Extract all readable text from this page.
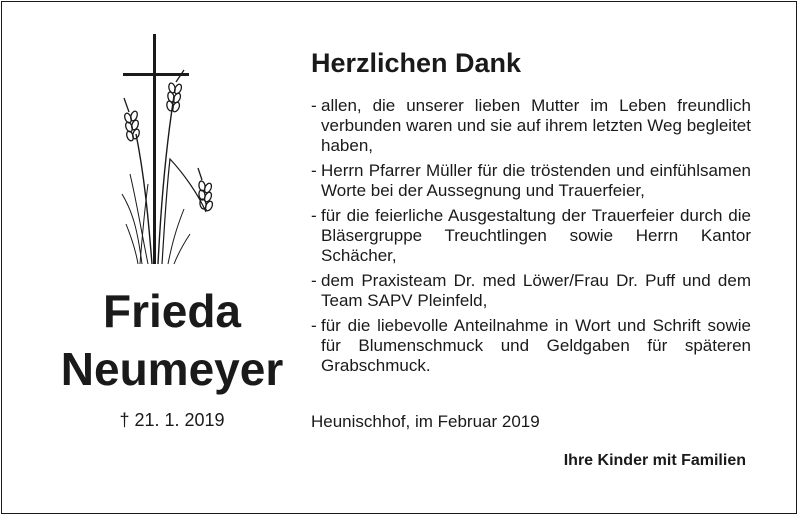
Frieda
Neumeyer
† 21. 1. 2019
Herzlichen Dank
- allen, die unserer lieben Mutter im Leben freundlich verbunden waren und sie auf ihrem letzten Weg begleitet haben,
- Herrn Pfarrer Müller für die tröstenden und einfühlsamen Worte bei der Aussegnung und Trauerfeier,
- für die feierliche Ausgestaltung der Trauerfeier durch die Bläsergruppe Treuchtlingen sowie Herrn Kantor Schächer,
- dem Praxisteam Dr. med Löwer/Frau Dr. Puff und dem Team SAPV Pleinfeld,
- für die liebevolle Anteilnahme in Wort und Schrift sowie für Blumenschmuck und Geldgaben für späteren Grabschmuck.
Heunischhof, im Februar 2019
Ihre Kinder mit Familien
